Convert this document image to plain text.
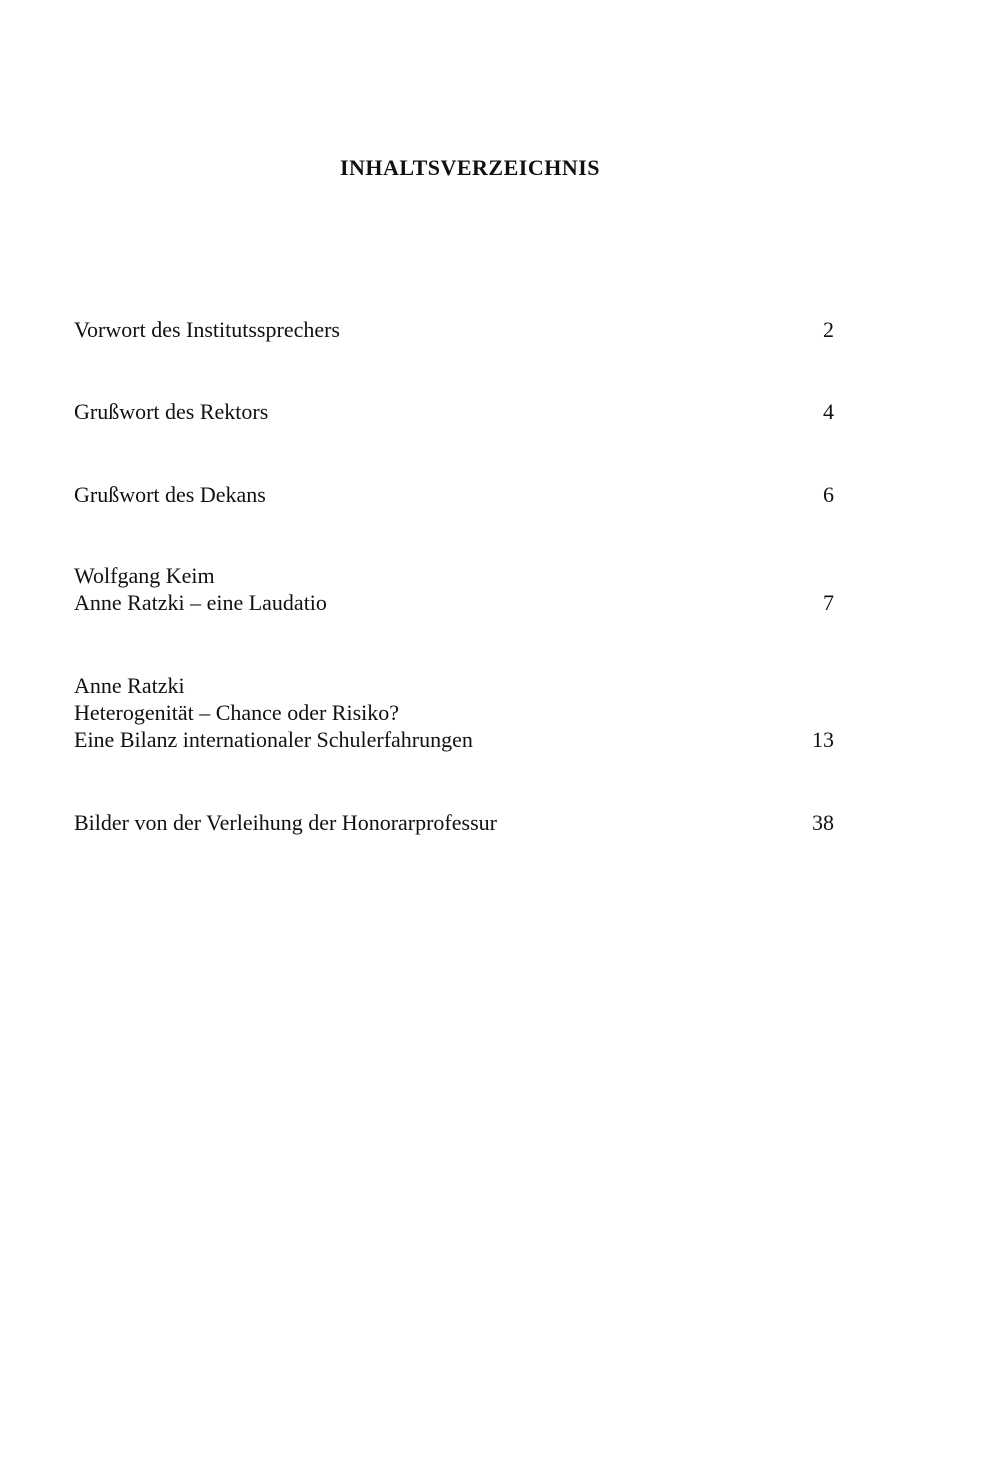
INHALTSVERZEICHNIS
Vorwort des Institutssprechers	2
Grußwort des Rektors	4
Grußwort des Dekans	6
Wolfgang Keim
Anne Ratzki – eine Laudatio	7
Anne Ratzki
Heterogenität – Chance oder Risiko?
Eine Bilanz internationaler Schulerfahrungen	13
Bilder von der Verleihung der Honorarprofessur	38
